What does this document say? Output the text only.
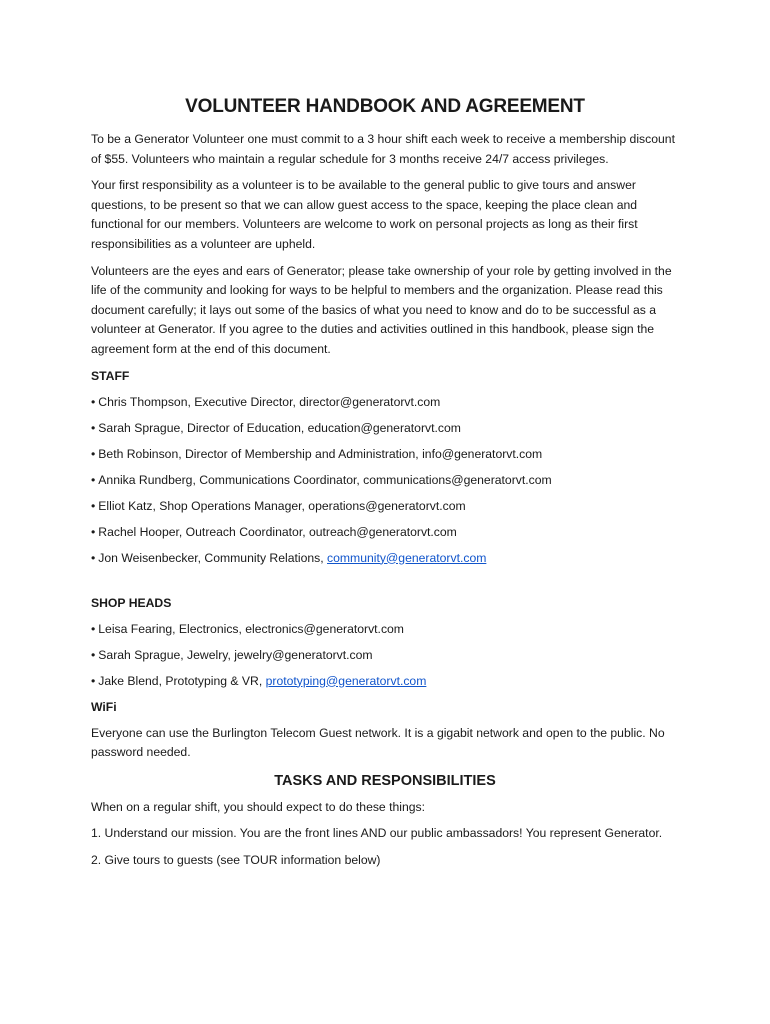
VOLUNTEER HANDBOOK AND AGREEMENT

To be a Generator Volunteer one must commit to a 3 hour shift each week to receive a membership discount of $55. Volunteers who maintain a regular schedule for 3 months receive 24/7 access privileges.

Your first responsibility as a volunteer is to be available to the general public to give tours and answer questions, to be present so that we can allow guest access to the space, keeping the place clean and functional for our members. Volunteers are welcome to work on personal projects as long as their first responsibilities as a volunteer are upheld.

Volunteers are the eyes and ears of Generator; please take ownership of your role by getting involved in the life of the community and looking for ways to be helpful to members and the organization. Please read this document carefully; it lays out some of the basics of what you need to know and do to be successful as a volunteer at Generator. If you agree to the duties and activities outlined in this handbook, please sign the agreement form at the end of this document.

STAFF
• Chris Thompson, Executive Director, director@generatorvt.com
• Sarah Sprague, Director of Education, education@generatorvt.com
• Beth Robinson, Director of Membership and Administration, info@generatorvt.com
• Annika Rundberg, Communications Coordinator, communications@generatorvt.com
• Elliot Katz, Shop Operations Manager, operations@generatorvt.com
• Rachel Hooper, Outreach Coordinator, outreach@generatorvt.com
• Jon Weisenbecker, Community Relations, community@generatorvt.com
SHOP HEADS
• Leisa Fearing, Electronics, electronics@generatorvt.com
• Sarah Sprague, Jewelry, jewelry@generatorvt.com
• Jake Blend, Prototyping & VR, prototyping@generatorvt.com
WiFi

Everyone can use the Burlington Telecom Guest network. It is a gigabit network and open to the public. No password needed.

TASKS AND RESPONSIBILITIES

When on a regular shift, you should expect to do these things:

1. Understand our mission. You are the front lines AND our public ambassadors! You represent Generator.

2. Give tours to guests (see TOUR information below)
